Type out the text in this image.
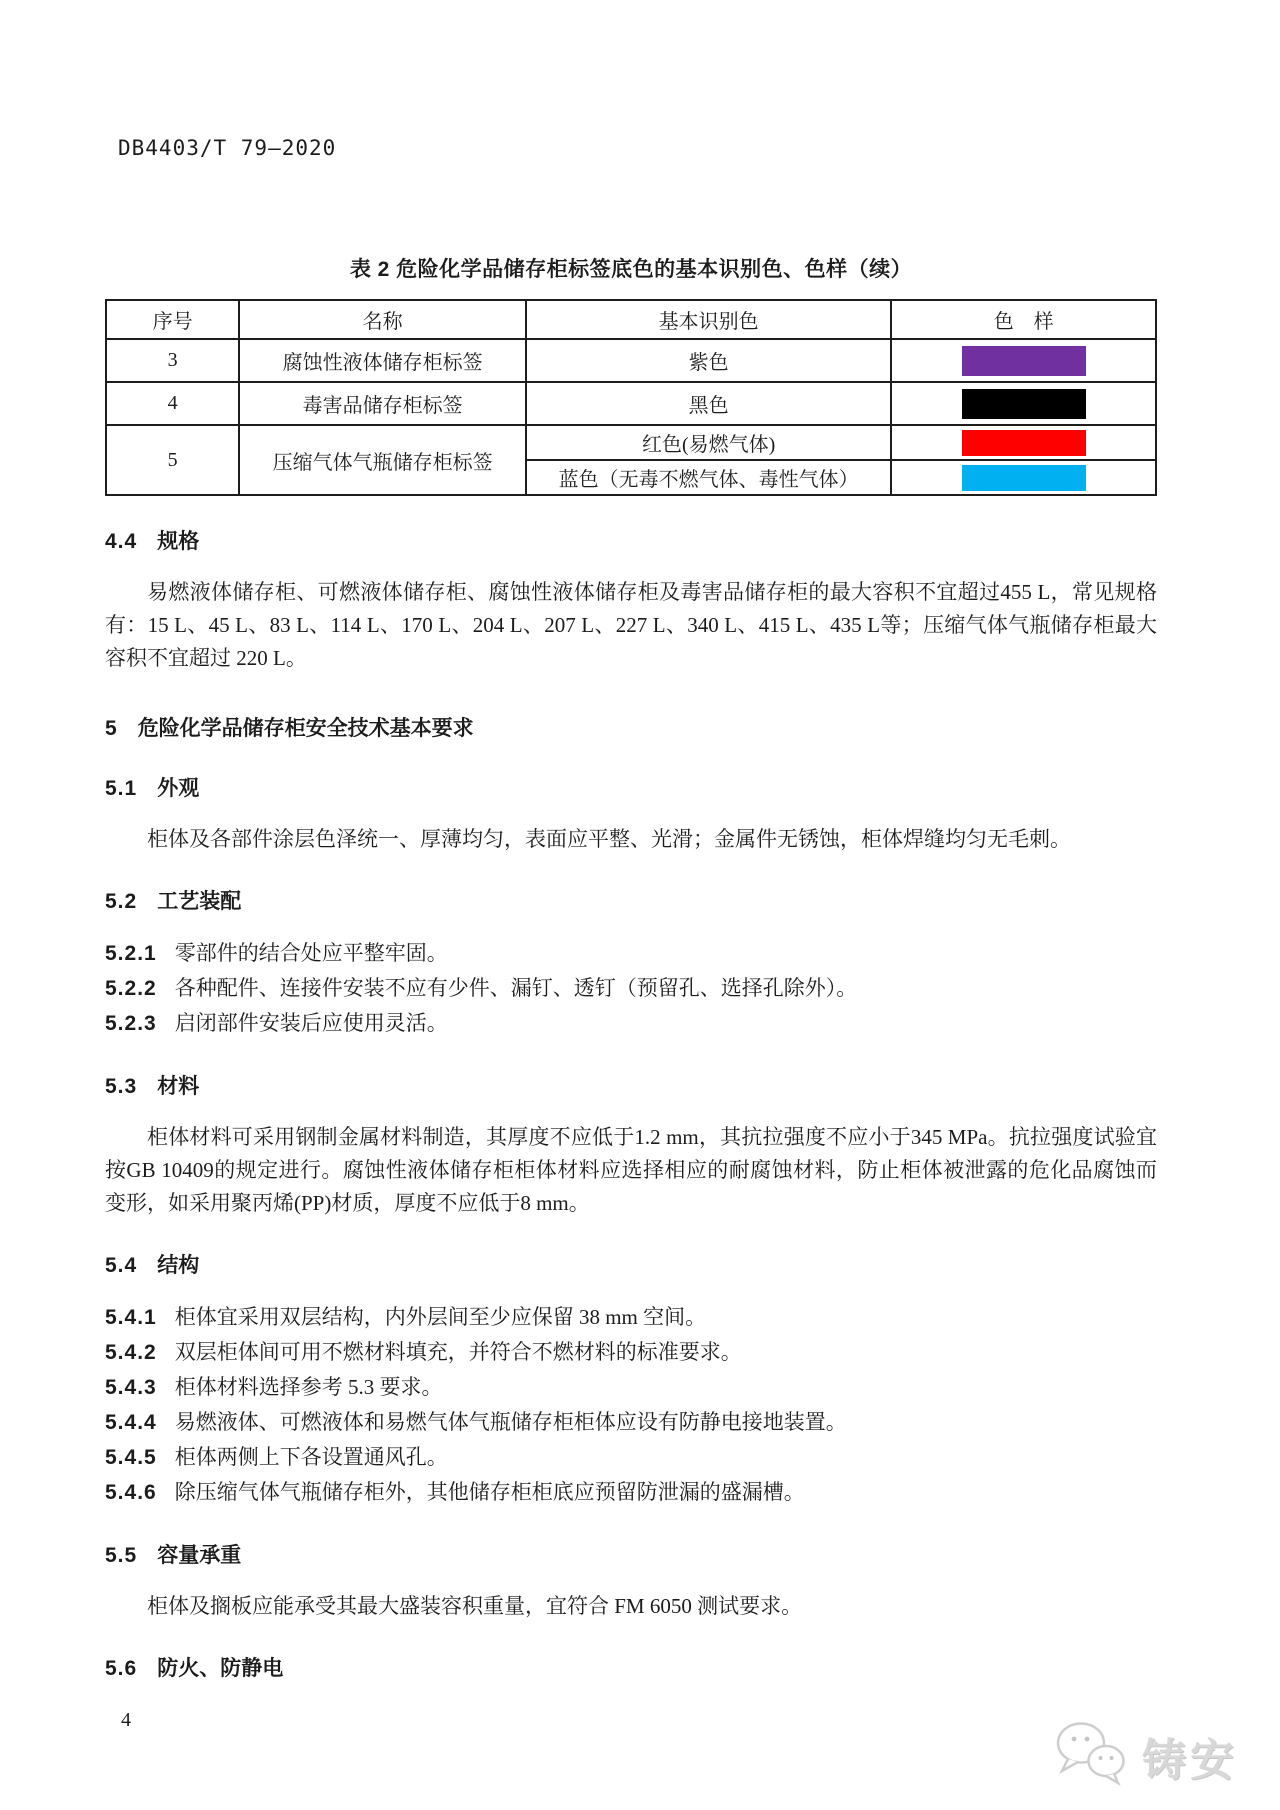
DB4403/T 79—2020
表 2 危险化学品储存柜标签底色的基本识别色、色样（续）
序号	名称	基本识别色	色　样
3	腐蚀性液体储存柜标签	紫色	

4	毒害品储存柜标签	黑色	

5	压缩气体气瓶储存柜标签	红色(易燃气体)	

		蓝色（无毒不燃气体、毒性气体）	
4.4 规格
易燃液体储存柜、可燃液体储存柜、腐蚀性液体储存柜及毒害品储存柜的最大容积不宜超过455 L，常见规格有：15 L、45 L、83 L、114 L、170 L、204 L、207 L、227 L、340 L、415 L、435 L等；压缩气体气瓶储存柜最大容积不宜超过 220 L。
5 危险化学品储存柜安全技术基本要求
5.1 外观
柜体及各部件涂层色泽统一、厚薄均匀，表面应平整、光滑；金属件无锈蚀，柜体焊缝均匀无毛刺。
5.2 工艺装配
5.2.1 零部件的结合处应平整牢固。
5.2.2 各种配件、连接件安装不应有少件、漏钉、透钉（预留孔、选择孔除外）。
5.2.3 启闭部件安装后应使用灵活。
5.3 材料
柜体材料可采用钢制金属材料制造，其厚度不应低于1.2 mm，其抗拉强度不应小于345 MPa。抗拉强度试验宜按GB 10409的规定进行。腐蚀性液体储存柜柜体材料应选择相应的耐腐蚀材料，防止柜体被泄露的危化品腐蚀而变形，如采用聚丙烯(PP)材质，厚度不应低于8 mm。
5.4 结构
5.4.1 柜体宜采用双层结构，内外层间至少应保留 38 mm 空间。
5.4.2 双层柜体间可用不燃材料填充，并符合不燃材料的标准要求。
5.4.3 柜体材料选择参考 5.3 要求。
5.4.4 易燃液体、可燃液体和易燃气体气瓶储存柜柜体应设有防静电接地装置。
5.4.5 柜体两侧上下各设置通风孔。
5.4.6 除压缩气体气瓶储存柜外，其他储存柜柜底应预留防泄漏的盛漏槽。
5.5 容量承重
柜体及搁板应能承受其最大盛装容积重量，宜符合 FM 6050 测试要求。
5.6 防火、防静电
4
铸安
